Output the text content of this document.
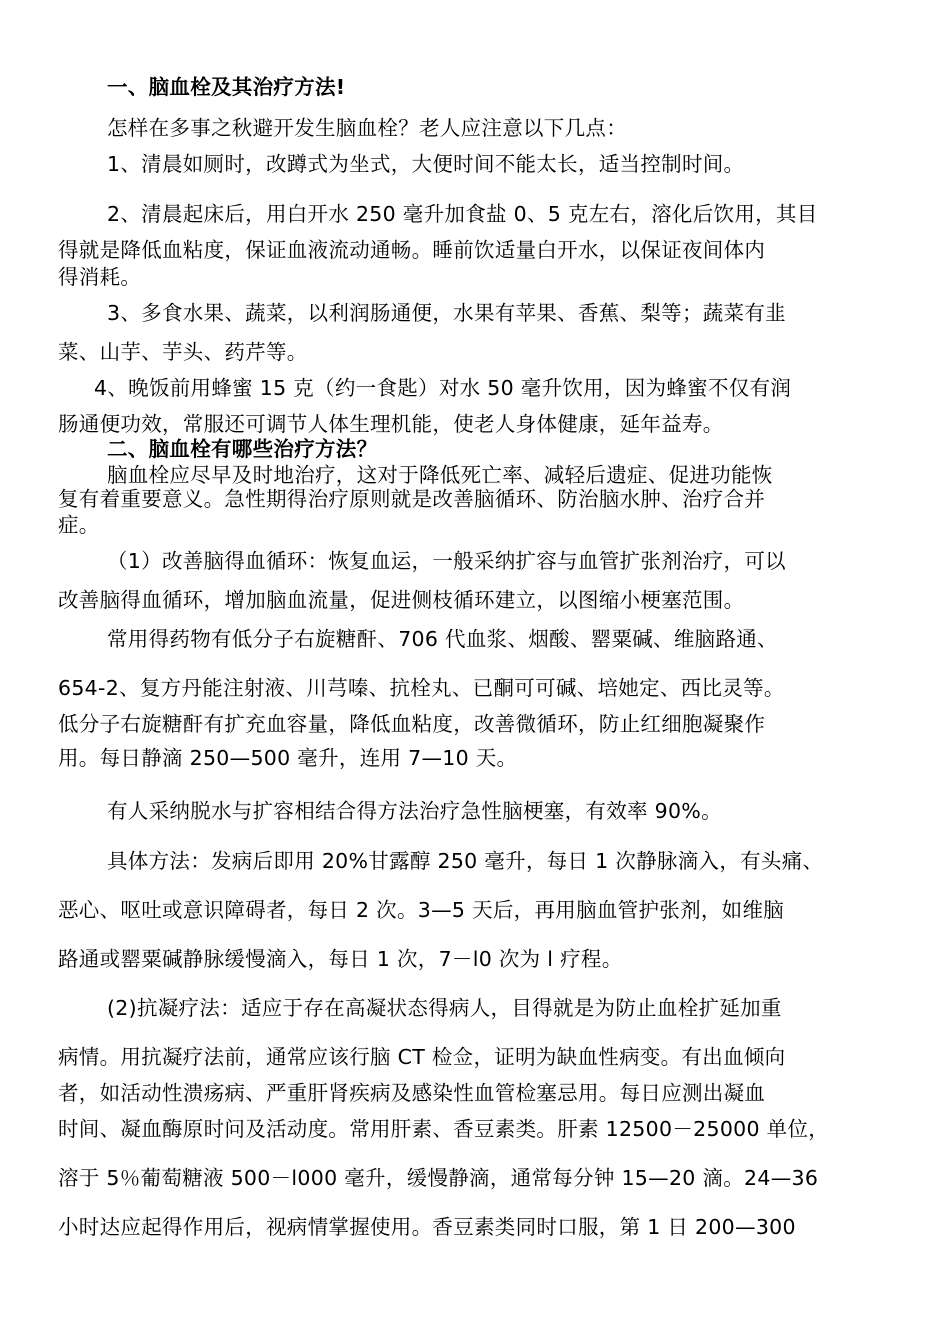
一、脑血栓及其治疗方法!
怎样在多事之秋避开发生脑血栓？老人应注意以下几点：
1、清晨如厕时，改蹲式为坐式，大便时间不能太长，适当控制时间。
2、清晨起床后，用白开水 250 毫升加食盐 0、5 克左右，溶化后饮用，其目
得就是降低血粘度，保证血液流动通畅。睡前饮适量白开水，以保证夜间体内
得消耗。
3、多食水果、蔬菜，以利润肠通便，水果有苹果、香蕉、梨等；蔬菜有韭
菜、山芋、芋头、药芹等。
4、晚饭前用蜂蜜 15 克（约一食匙）对水 50 毫升饮用，因为蜂蜜不仅有润
肠通便功效，常服还可调节人体生理机能，使老人身体健康，延年益寿。
二、脑血栓有哪些治疗方法？
脑血栓应尽早及时地治疗，这对于降低死亡率、减轻后遗症、促进功能恢
复有着重要意义。急性期得治疗原则就是改善脑循环、防治脑水肿、治疗合并
症。
（1）改善脑得血循环：恢复血运，一般采纳扩容与血管扩张剂治疗，可以
改善脑得血循环，增加脑血流量，促进侧枝循环建立，以图缩小梗塞范围。
常用得药物有低分子右旋糖酐、706 代血浆、烟酸、罂粟碱、维脑路通、
654-2、复方丹能注射液、川芎嗪、抗栓丸、已酮可可碱、培她定、西比灵等。
低分子右旋糖酐有扩充血容量，降低血粘度，改善微循环，防止红细胞凝聚作
用。每日静滴 250—500 毫升，连用 7—10 天。
有人采纳脱水与扩容相结合得方法治疗急性脑梗塞，有效率 90%。
具体方法：发病后即用 20%甘露醇 250 毫升，每日 1 次静脉滴入，有头痛、
恶心、呕吐或意识障碍者，每日 2 次。3—5 天后，再用脑血管护张剂，如维脑
路通或罂粟碱静脉缓慢滴入，每日 1 次，7－l0 次为 l 疗程。
(2)抗凝疗法：适应于存在高凝状态得病人，目得就是为防止血栓扩延加重
病情。用抗凝疗法前，通常应该行脑 CT 检佥，证明为缺血性病变。有出血倾向
者，如活动性溃疡病、严重肝肾疾病及感染性血管检塞忌用。每日应测出凝血
时间、凝血酶原时问及活动度。常用肝素、香豆素类。肝素 12500－25000 单位，
溶于 5％葡萄糖液 500－l000 毫升，缓慢静滴，通常每分钟 15—20 滴。24—36
小时达应起得作用后，视病情掌握使用。香豆素类同时口服，第 1 日 200—300
